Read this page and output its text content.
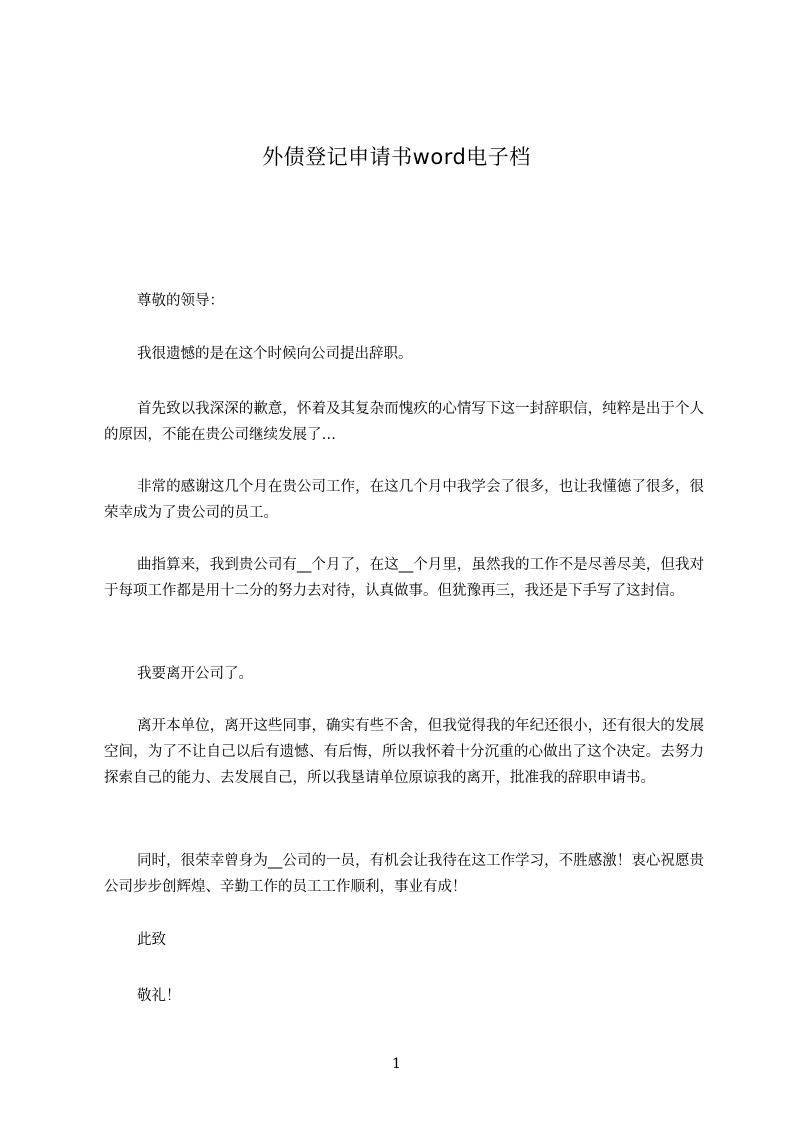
外债登记申请书word电子档
尊敬的领导：
我很遗憾的是在这个时候向公司提出辞职。
首先致以我深深的歉意，怀着及其复杂而愧疚的心情写下这一封辞职信，纯粹是出于个人的原因，不能在贵公司继续发展了…
非常的感谢这几个月在贵公司工作，在这几个月中我学会了很多，也让我懂德了很多，很荣幸成为了贵公司的员工。
曲指算来，我到贵公司有__个月了，在这__个月里，虽然我的工作不是尽善尽美，但我对于每项工作都是用十二分的努力去对待，认真做事。但犹豫再三，我还是下手写了这封信。
我要离开公司了。
离开本单位，离开这些同事，确实有些不舍，但我觉得我的年纪还很小，还有很大的发展空间，为了不让自己以后有遗憾、有后悔，所以我怀着十分沉重的心做出了这个决定。去努力探索自己的能力、去发展自己，所以我垦请单位原谅我的离开，批准我的辞职申请书。
同时，很荣幸曾身为__公司的一员，有机会让我待在这工作学习，不胜感激！衷心祝愿贵公司步步创辉煌、辛勤工作的员工工作顺利，事业有成！
此致
敬礼！
1
